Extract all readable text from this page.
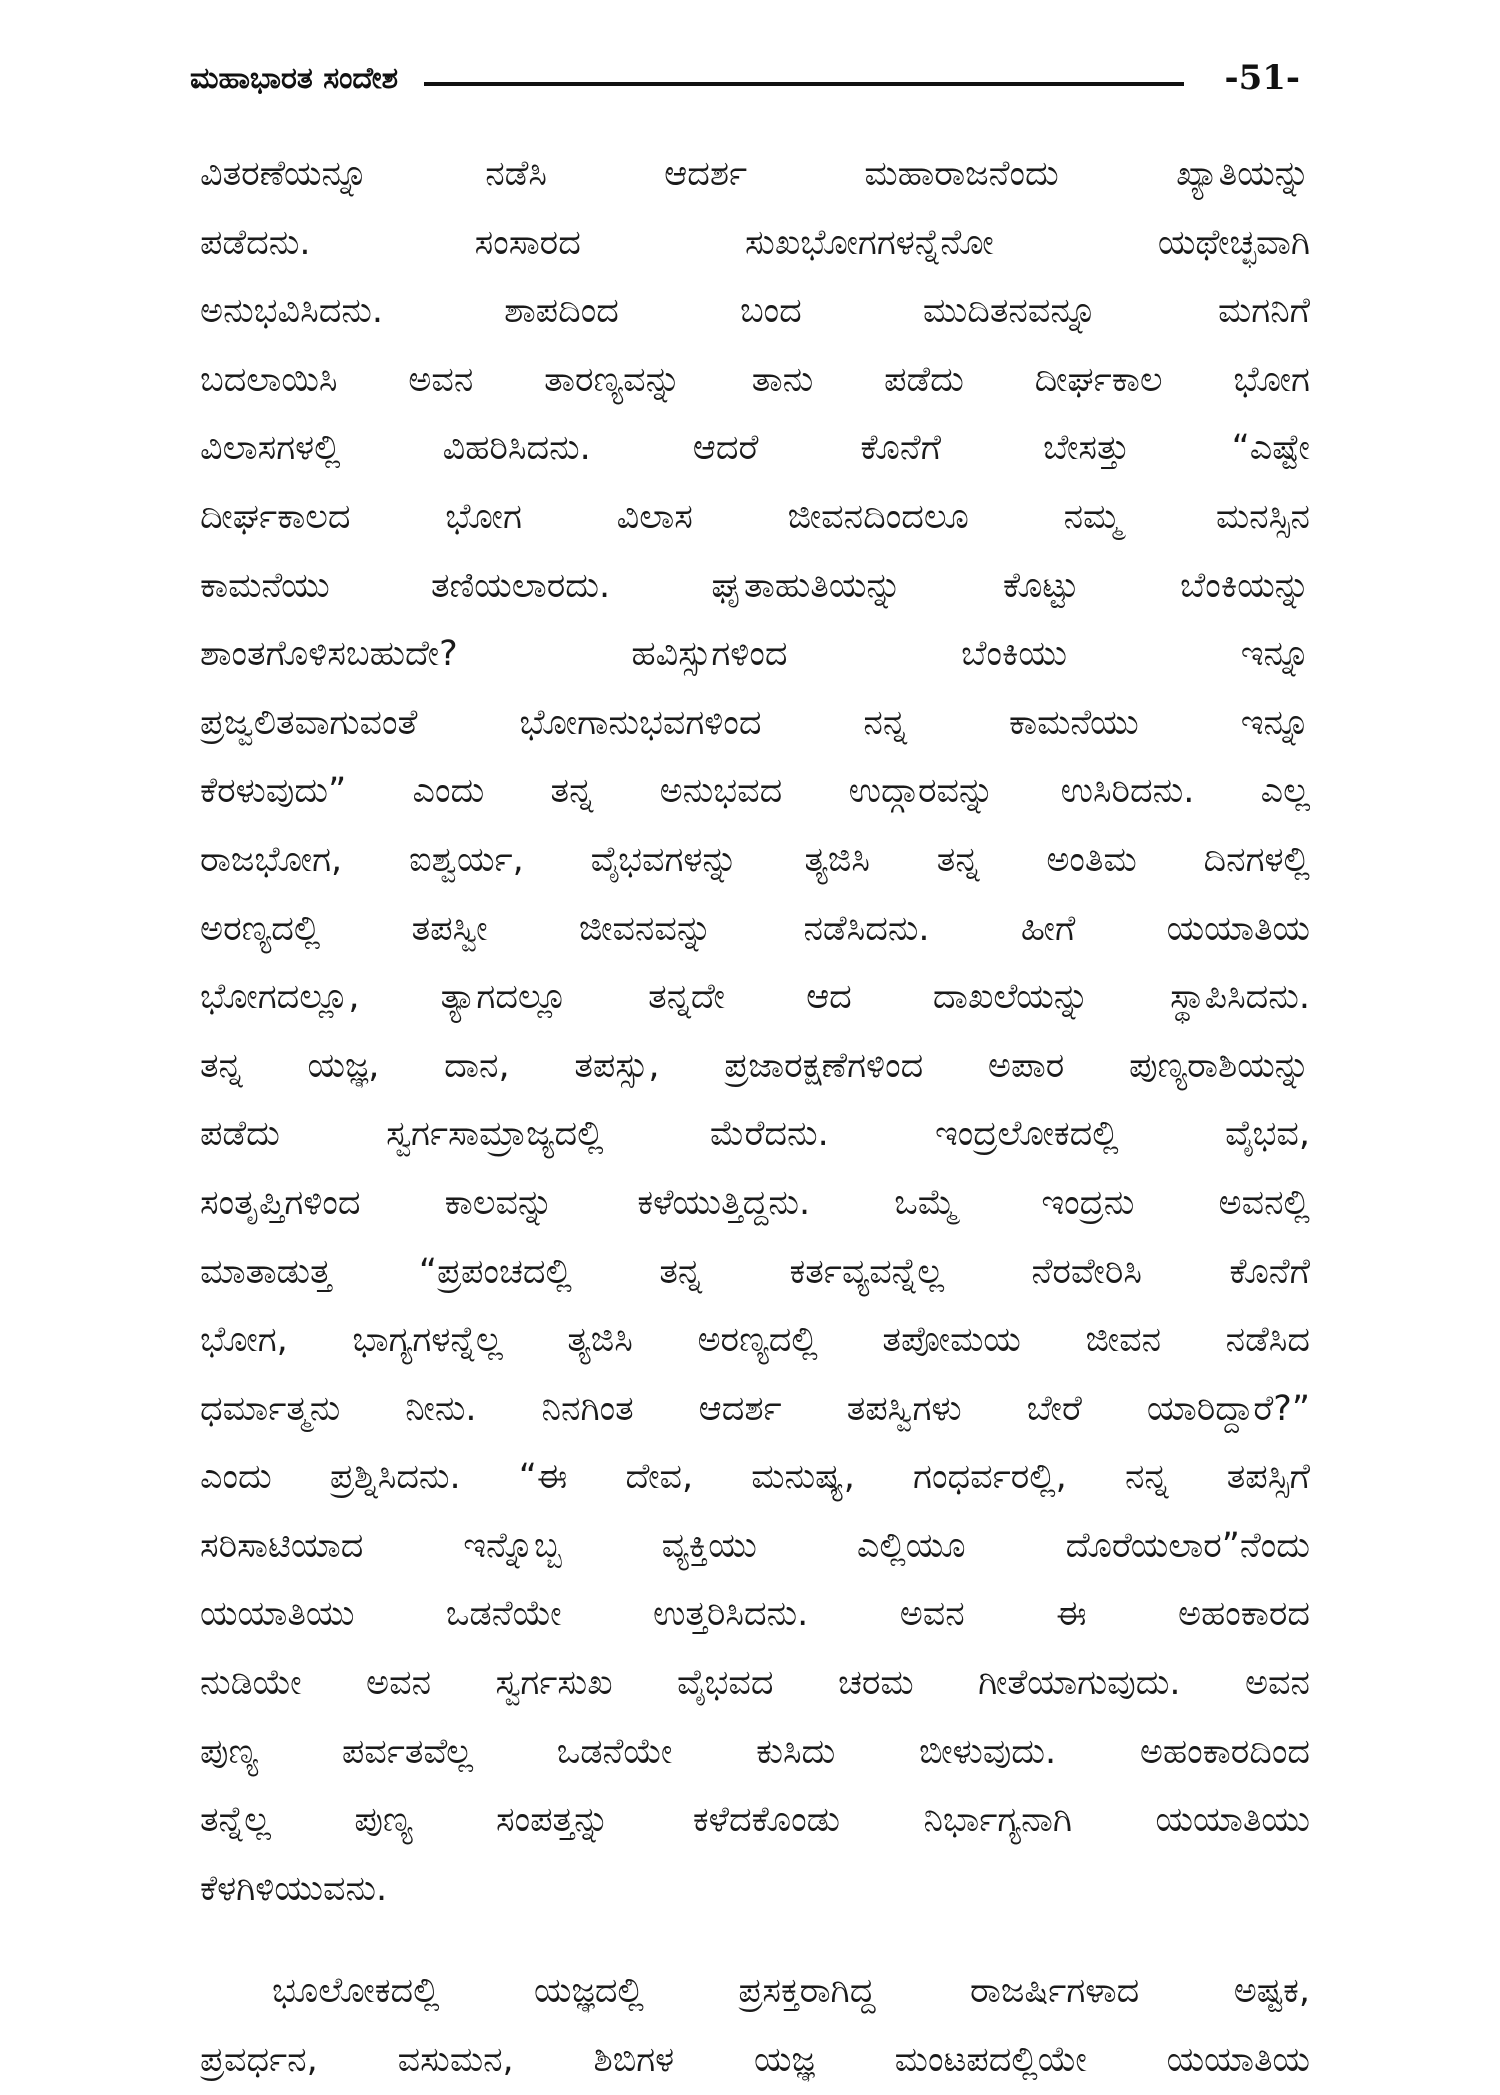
ಮಹಾಭಾರತ ಸಂದೇಶ	-51-
ವಿತರಣೆಯನ್ನೂ ನಡೆಸಿ ಆದರ್ಶ ಮಹಾರಾಜನೆಂದು ಖ್ಯಾತಿಯನ್ನು
ಪಡೆದನು. ಸಂಸಾರದ ಸುಖಭೋಗಗಳನ್ನೆನೋ ಯಥೇಚ್ಛವಾಗಿ
ಅನುಭವಿಸಿದನು. ಶಾಪದಿಂದ ಬಂದ ಮುದಿತನವನ್ನೂ ಮಗನಿಗೆ
ಬದಲಾಯಿಸಿ ಅವನ ತಾರಣ್ಯವನ್ನು ತಾನು ಪಡೆದು ದೀರ್ಘಕಾಲ ಭೋಗ
ವಿಲಾಸಗಳಲ್ಲಿ ವಿಹರಿಸಿದನು. ಆದರೆ ಕೊನೆಗೆ ಬೇಸತ್ತು “ಎಷ್ಟೇ
ದೀರ್ಘಕಾಲದ ಭೋಗ ವಿಲಾಸ ಜೀವನದಿಂದಲೂ ನಮ್ಮ ಮನಸ್ಸಿನ
ಕಾಮನೆಯು ತಣಿಯಲಾರದು. ಘೃತಾಹುತಿಯನ್ನು ಕೊಟ್ಟು ಬೆಂಕಿಯನ್ನು
ಶಾಂತಗೊಳಿಸಬಹುದೇ? ಹವಿಸ್ಸುಗಳಿಂದ ಬೆಂಕಿಯು ಇನ್ನೂ
ಪ್ರಜ್ವಲಿತವಾಗುವಂತೆ ಭೋಗಾನುಭವಗಳಿಂದ ನನ್ನ ಕಾಮನೆಯು ಇನ್ನೂ
ಕೆರಳುವುದು” ಎಂದು ತನ್ನ ಅನುಭವದ ಉದ್ಗಾರವನ್ನು ಉಸಿರಿದನು. ಎಲ್ಲ
ರಾಜಭೋಗ, ಐಶ್ವರ್ಯ, ವೈಭವಗಳನ್ನು ತ್ಯಜಿಸಿ ತನ್ನ ಅಂತಿಮ ದಿನಗಳಲ್ಲಿ
ಅರಣ್ಯದಲ್ಲಿ ತಪಸ್ವೀ ಜೀವನವನ್ನು ನಡೆಸಿದನು. ಹೀಗೆ ಯಯಾತಿಯ
ಭೋಗದಲ್ಲೂ, ತ್ಯಾಗದಲ್ಲೂ ತನ್ನದೇ ಆದ ದಾಖಲೆಯನ್ನು ಸ್ಥಾಪಿಸಿದನು.
ತನ್ನ ಯಜ್ಞ, ದಾನ, ತಪಸ್ಸು, ಪ್ರಜಾರಕ್ಷಣೆಗಳಿಂದ ಅಪಾರ ಪುಣ್ಯರಾಶಿಯನ್ನು
ಪಡೆದು ಸ್ವರ್ಗಸಾಮ್ರಾಜ್ಯದಲ್ಲಿ ಮೆರೆದನು. ಇಂದ್ರಲೋಕದಲ್ಲಿ ವೈಭವ,
ಸಂತೃಪ್ತಿಗಳಿಂದ ಕಾಲವನ್ನು ಕಳೆಯುತ್ತಿದ್ದನು. ಒಮ್ಮೆ ಇಂದ್ರನು ಅವನಲ್ಲಿ
ಮಾತಾಡುತ್ತ “ಪ್ರಪಂಚದಲ್ಲಿ ತನ್ನ ಕರ್ತವ್ಯವನ್ನೆಲ್ಲ ನೆರವೇರಿಸಿ ಕೊನೆಗೆ
ಭೋಗ, ಭಾಗ್ಯಗಳನ್ನೆಲ್ಲ ತ್ಯಜಿಸಿ ಅರಣ್ಯದಲ್ಲಿ ತಪೋಮಯ ಜೀವನ ನಡೆಸಿದ
ಧರ್ಮಾತ್ಮನು ನೀನು. ನಿನಗಿಂತ ಆದರ್ಶ ತಪಸ್ವಿಗಳು ಬೇರೆ ಯಾರಿದ್ದಾರೆ?”
ಎಂದು ಪ್ರಶ್ನಿಸಿದನು. “ಈ ದೇವ, ಮನುಷ್ಯ, ಗಂಧರ್ವರಲ್ಲಿ, ನನ್ನ ತಪಸ್ಸಿಗೆ
ಸರಿಸಾಟಿಯಾದ ಇನ್ನೊಬ್ಬ ವ್ಯಕ್ತಿಯು ಎಲ್ಲಿಯೂ ದೊರೆಯಲಾರ”ನೆಂದು
ಯಯಾತಿಯು ಒಡನೆಯೇ ಉತ್ತರಿಸಿದನು. ಅವನ ಈ ಅಹಂಕಾರದ
ನುಡಿಯೇ ಅವನ ಸ್ವರ್ಗಸುಖ ವೈಭವದ ಚರಮ ಗೀತೆಯಾಗುವುದು. ಅವನ
ಪುಣ್ಯ ಪರ್ವತವೆಲ್ಲ ಒಡನೆಯೇ ಕುಸಿದು ಬೀಳುವುದು. ಅಹಂಕಾರದಿಂದ
ತನ್ನೆಲ್ಲ ಪುಣ್ಯ ಸಂಪತ್ತನ್ನು ಕಳೆದಕೊಂಡು ನಿರ್ಭಾಗ್ಯನಾಗಿ ಯಯಾತಿಯು
ಕೆಳಗಿಳಿಯುವನು.
ಭೂಲೋಕದಲ್ಲಿ ಯಜ್ಞದಲ್ಲಿ ಪ್ರಸಕ್ತರಾಗಿದ್ದ ರಾಜರ್ಷಿಗಳಾದ ಅಷ್ಟಕ,
ಪ್ರವರ್ಧನ, ವಸುಮನ, ಶಿಬಿಗಳ ಯಜ್ಞ ಮಂಟಪದಲ್ಲಿಯೇ ಯಯಾತಿಯ
